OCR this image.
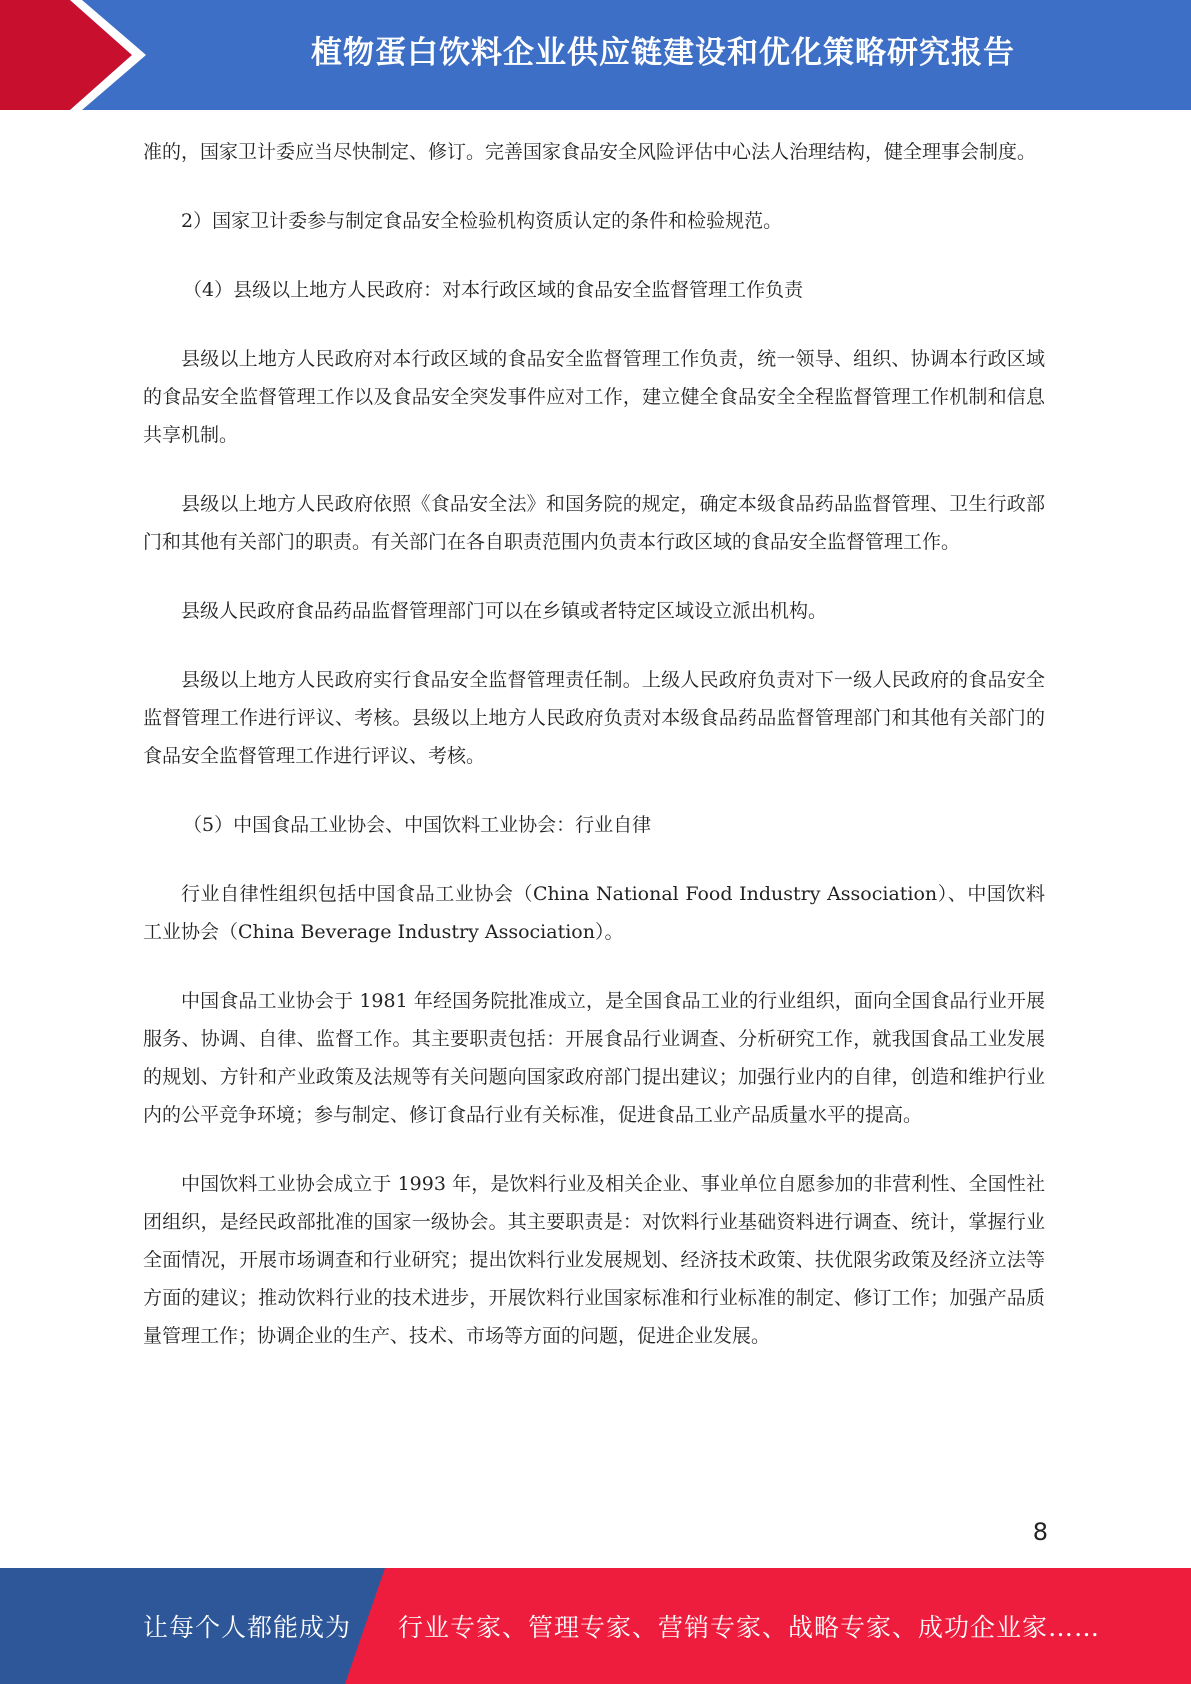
植物蛋白饮料企业供应链建设和优化策略研究报告

准的，国家卫计委应当尽快制定、修订。完善国家食品安全风险评估中心法人治理结构，健全理事会制度。

2）国家卫计委参与制定食品安全检验机构资质认定的条件和检验规范。

（4）县级以上地方人民政府：对本行政区域的食品安全监督管理工作负责

县级以上地方人民政府对本行政区域的食品安全监督管理工作负责，统一领导、组织、协调本行政区域的食品安全监督管理工作以及食品安全突发事件应对工作，建立健全食品安全全程监督管理工作机制和信息共享机制。

县级以上地方人民政府依照《食品安全法》和国务院的规定，确定本级食品药品监督管理、卫生行政部门和其他有关部门的职责。有关部门在各自职责范围内负责本行政区域的食品安全监督管理工作。

县级人民政府食品药品监督管理部门可以在乡镇或者特定区域设立派出机构。

县级以上地方人民政府实行食品安全监督管理责任制。上级人民政府负责对下一级人民政府的食品安全监督管理工作进行评议、考核。县级以上地方人民政府负责对本级食品药品监督管理部门和其他有关部门的食品安全监督管理工作进行评议、考核。

（5）中国食品工业协会、中国饮料工业协会：行业自律

行业自律性组织包括中国食品工业协会（China National Food Industry Association）、中国饮料工业协会（China Beverage Industry Association）。

中国食品工业协会于 1981 年经国务院批准成立，是全国食品工业的行业组织，面向全国食品行业开展服务、协调、自律、监督工作。其主要职责包括：开展食品行业调查、分析研究工作，就我国食品工业发展的规划、方针和产业政策及法规等有关问题向国家政府部门提出建议；加强行业内的自律，创造和维护行业内的公平竞争环境；参与制定、修订食品行业有关标准，促进食品工业产品质量水平的提高。

中国饮料工业协会成立于 1993 年，是饮料行业及相关企业、事业单位自愿参加的非营利性、全国性社团组织，是经民政部批准的国家一级协会。其主要职责是：对饮料行业基础资料进行调查、统计，掌握行业全面情况，开展市场调查和行业研究；提出饮料行业发展规划、经济技术政策、扶优限劣政策及经济立法等方面的建议；推动饮料行业的技术进步，开展饮料行业国家标准和行业标准的制定、修订工作；加强产品质量管理工作；协调企业的生产、技术、市场等方面的问题，促进企业发展。

8
让每个人都能成为 行业专家、管理专家、营销专家、战略专家、成功企业家……
